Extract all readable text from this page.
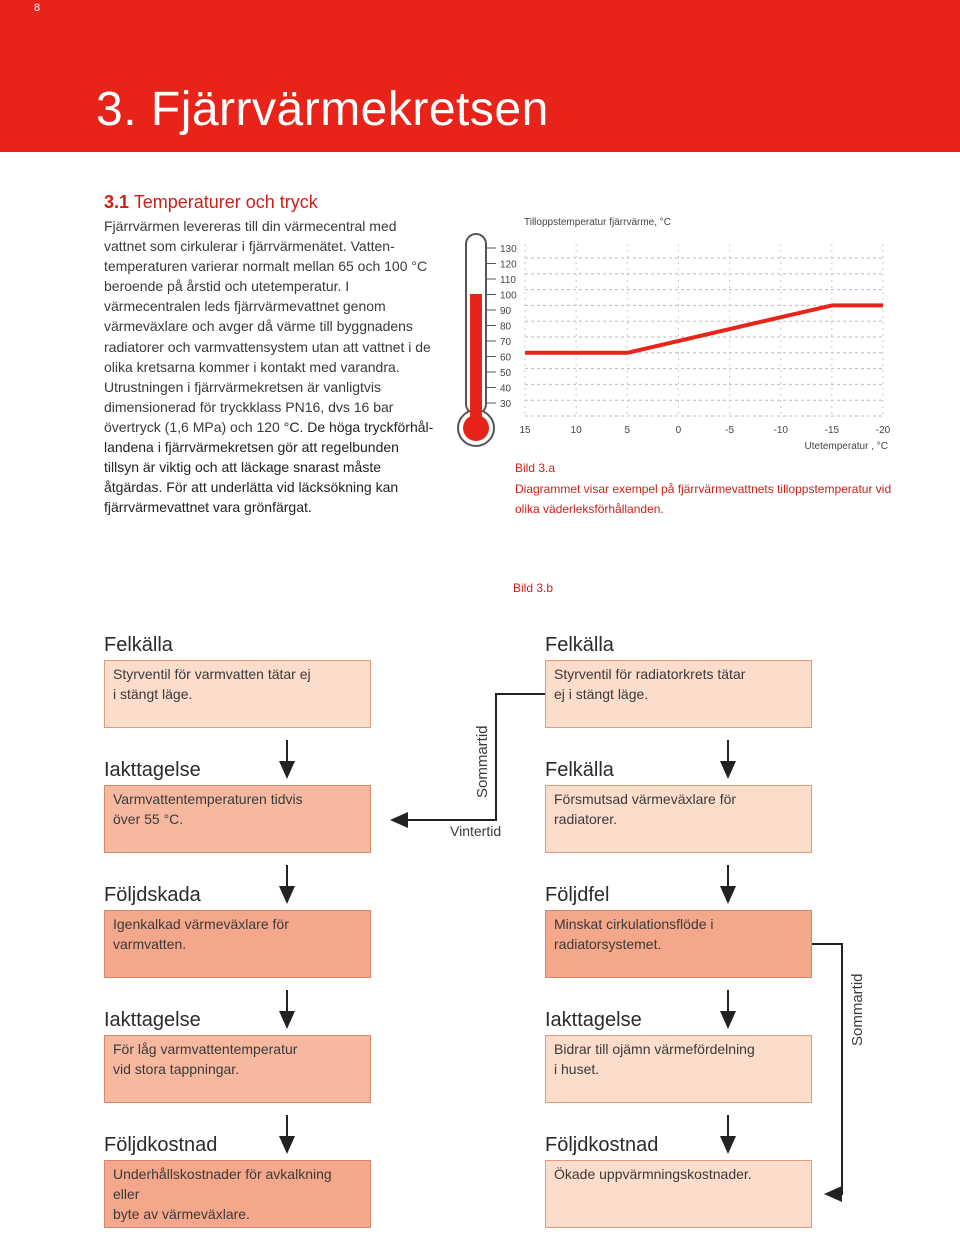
8
3. Fjärrvärmekretsen
3.1 Temperaturer och tryck

Fjärrvärmen levereras till din värmecentral med vattnet som cirkulerar i fjärrvärmenätet. Vattentemperaturen varierar normalt mellan 65 och 100 °C beroende på årstid och utetemperatur. I värmecentralen leds fjärrvärmevattnet genom värmeväxlare och avger då värme till byggnadens radiatorer och varmvattensystem utan att vattnet i de olika kretsarna kommer i kontakt med varandra. Utrustningen i fjärrvärmekretsen är vanligtvis dimensionerad för tryckklass PN16, dvs 16 bar övertryck (1,6 MPa) och 120 °C. De höga tryckförhållandena i fjärrvärmekretsen gör att regelbunden tillsyn är viktig och att läckage snarast måste åtgärdas. För att underlätta vid läcksökning kan fjärrvärmevattnet vara grönfärgat.

130
120
110
100
90
80
70
60
50
40
30
Tilloppstemperatur fjärrvärme, °C
15	10	5	0	-5	-10	-15	-20
Utetemperatur , °C
Bild 3.a
Diagrammet visar exempel på fjärrvärmevattnets tilloppstemperatur vid olika väderleksförhållanden.
Bild 3.b
Felkälla
Styrventil för varmvatten tätar ej
i stängt läge.
Iakttagelse
Varmvattentemperaturen tidvis
över 55 °C.
Följdskada
Igenkalkad värmeväxlare för
varmvatten.
Iakttagelse
För låg varmvattentemperatur
vid stora tappningar.
Följdkostnad
Underhållskostnader för avkalkning eller
byte av värmeväxlare.
Felkälla
Styrventil för radiatorkrets tätar
ej i stängt läge.
Felkälla
Försmutsad värmeväxlare för
radiatorer.
Följdfel
Minskat cirkulationsflöde i
radiatorsystemet.
Iakttagelse
Bidrar till ojämn värmefördelning
i huset.
Följdkostnad
Ökade uppvärmningskostnader.
Sommartid
Vintertid
Sommartid
